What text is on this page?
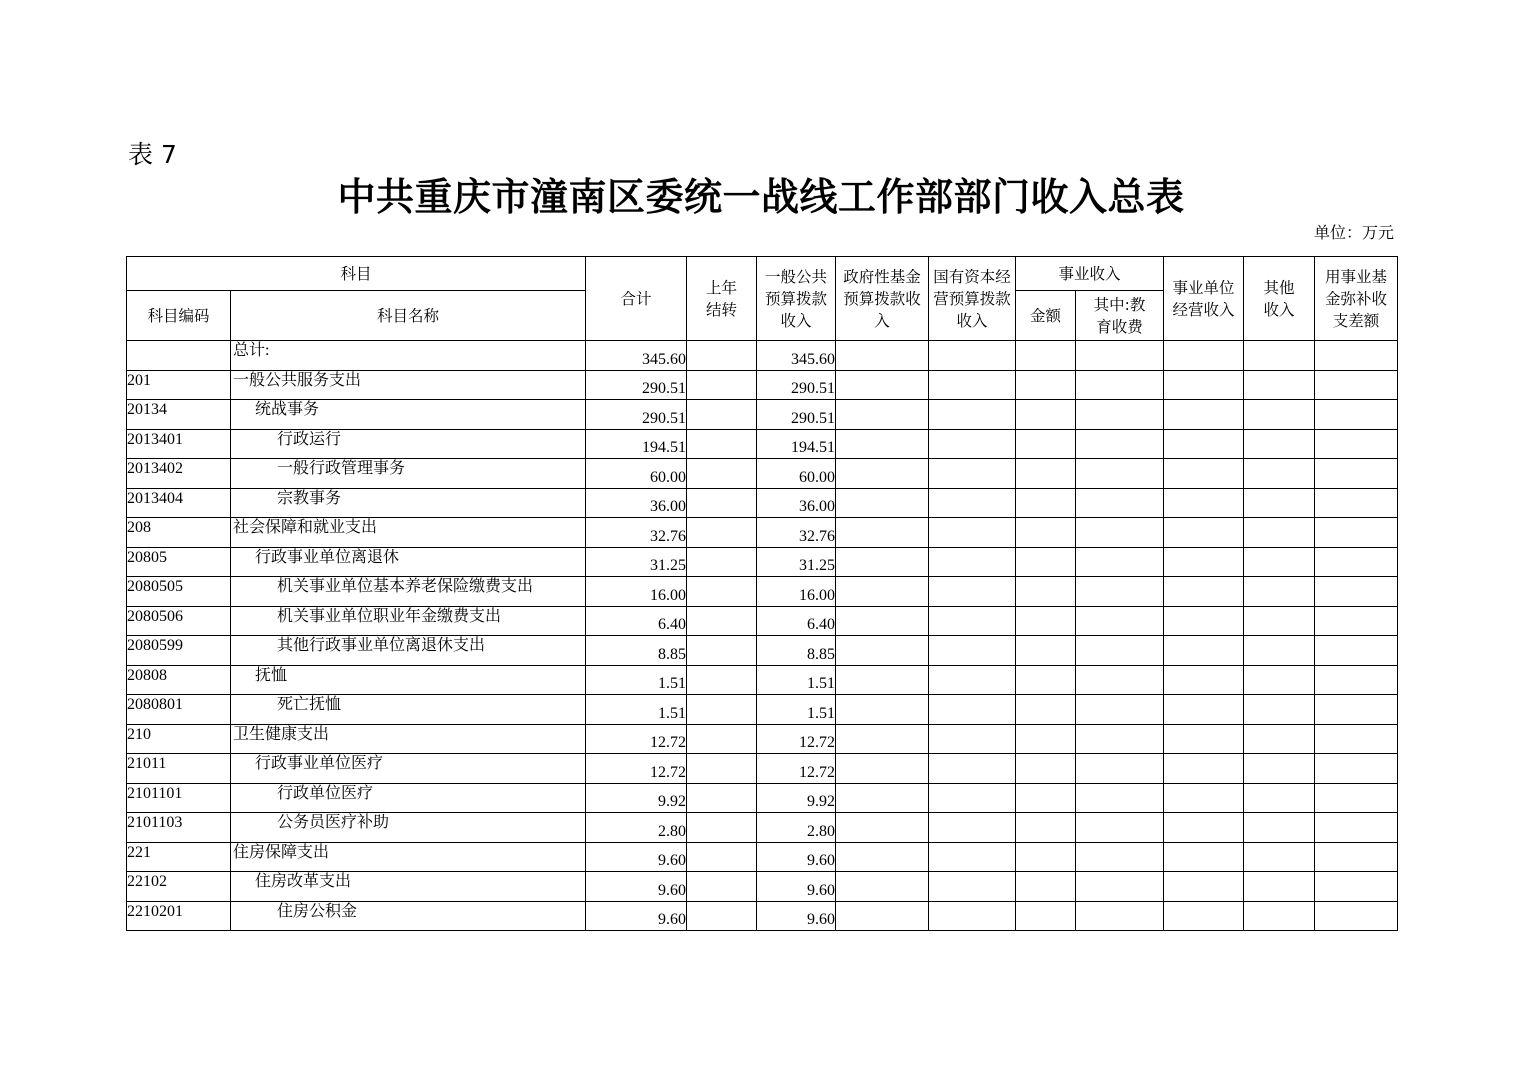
表 7
中共重庆市潼南区委统一战线工作部部门收入总表
单位：万元
科目		合计	上年结转	一般公共预算拨款收入	政府性基金预算拨款收入	国有资本经营预算拨款收入	事业收入		事业单位经营收入	其他收入	用事业基金弥补收支差额
科目编码	科目名称						金额	其中:教育收费			
	总计:	345.60		345.60							
201	一般公共服务支出	290.51		290.51							
20134	统战事务	290.51		290.51							
2013401	行政运行	194.51		194.51							
2013402	一般行政管理事务	60.00		60.00							
2013404	宗教事务	36.00		36.00							
208	社会保障和就业支出	32.76		32.76							
20805	行政事业单位离退休	31.25		31.25							
2080505	机关事业单位基本养老保险缴费支出	16.00		16.00							
2080506	机关事业单位职业年金缴费支出	6.40		6.40							
2080599	其他行政事业单位离退休支出	8.85		8.85							
20808	抚恤	1.51		1.51							
2080801	死亡抚恤	1.51		1.51							
210	卫生健康支出	12.72		12.72							
21011	行政事业单位医疗	12.72		12.72							
2101101	行政单位医疗	9.92		9.92							
2101103	公务员医疗补助	2.80		2.80							
221	住房保障支出	9.60		9.60							
22102	住房改革支出	9.60		9.60							
2210201	住房公积金	9.60		9.60							
